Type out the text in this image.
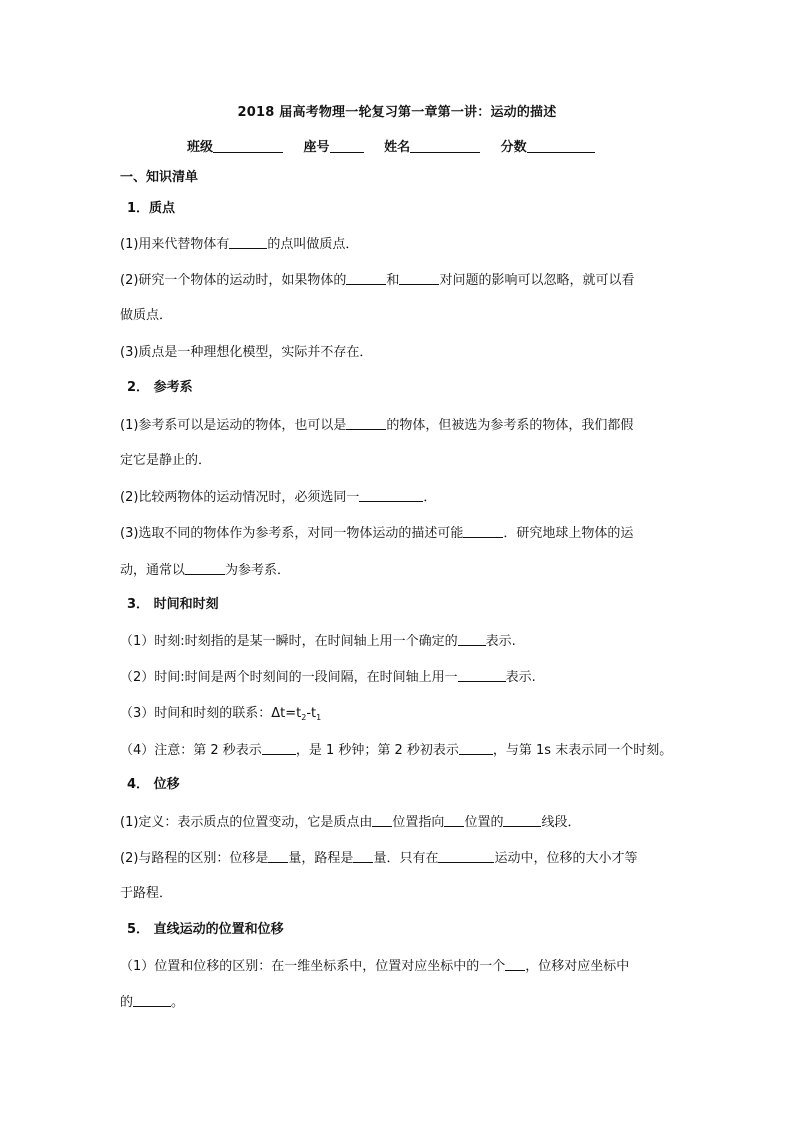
2018 届高考物理一轮复习第一章第一讲：运动的描述
班级	座号	姓名	分数
一、知识清单
1．质点
(1)用来代替物体有	的点叫做质点．
(2)研究一个物体的运动时，如果物体的	和	对问题的影响可以忽略，就可以看
做质点．
(3)质点是一种理想化模型，实际并不存在．
2． 参考系
(1)参考系可以是运动的物体，也可以是	的物体，但被选为参考系的物体，我们都假
定它是静止的．
(2)比较两物体的运动情况时，必须选同一	．
(3)选取不同的物体作为参考系，对同一物体运动的描述可能	．研究地球上物体的运
动，通常以	为参考系．
3． 时间和时刻
（1）时刻:时刻指的是某一瞬时，在时间轴上用一个确定的 表示.
（2）时间:时间是两个时刻间的一段间隔，在时间轴上用一	表示.
（3）时间和时刻的联系：$\Delta t=t_2-t_1$
（4）注意：第 2 秒表示	，是 1 秒钟；第 2 秒初表示	，与第 1s 末表示同一个时刻。
4． 位移
(1)定义：表示质点的位置变动，它是质点由 位置指向 位置的	线段．
(2)与路程的区别：位移是 量，路程是 量．只有在	运动中，位移的大小才等
于路程．
5． 直线运动的位置和位移
（1）位置和位移的区别：在一维坐标系中，位置对应坐标中的一个 ，位移对应坐标中
的	。
